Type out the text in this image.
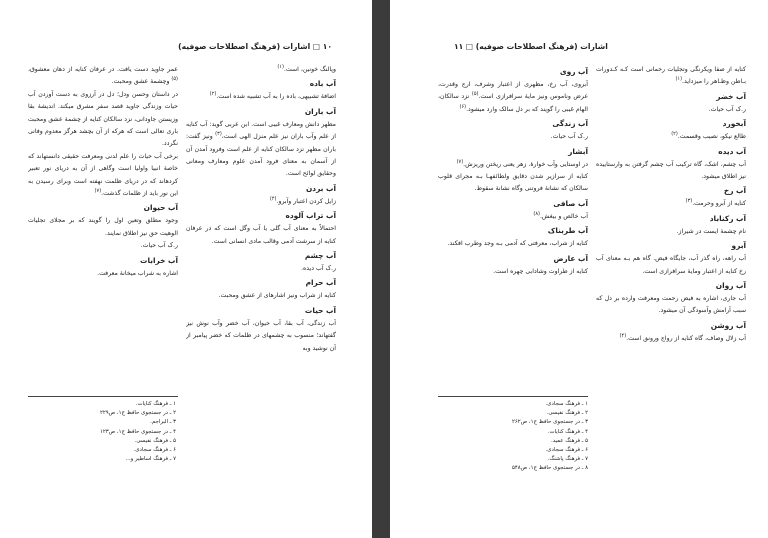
۱۰ □ اشارات (فرهنگ اصطلاحات صوفیه)

وپالنگ خونین، است.$^{(۱)}$

آب باده

اضافهٔ تشبیهی، باده را به آب تشبیه شده است.$^{(۲)}$

آب باران

مظهر دانش ومعارف غیبی است. ابن عربی گوید: آب کنایه از علم وآب باران نیز علم منزل الهی است،$^{(۳)}$ ونیز گفت: باران مظهر نزد سالکان کنایه از علم است وفرود آمدن آن از آسمان به معنای فرود آمدن علوم ومعارف ومعانی وحقایق لوائح است.

آب بردن

زایل کردن اعتبار وآبرو.$^{(۴)}$

آب تراب آلوده

احتمالاً به معنای آب گلی یا آب وگل است که در عرفان کنایه از سرشت آدمی وقالب مادی انسانی است.

آب چشم

ر.ک آب دیده.

آب حرام

کنایه از شراب ونیز اشارهای از عشق ومحبت.

آب حیات

آب زندگی، آب بقا، آب حیوان، آب خضر وآب نوش نیز گفتهاند؛ منسوب به چشمهای در ظلمات که خضر پیامبر از آن نوشید وبه

عمر جاوید دست یافت. در عرفان کنایه از دهان معشوق،$^{(۵)}$ وچشمهٔ عشق ومحبت.

در داستان وحسن ودل؛ دل در آرزوی به دست آوردن آب حیات وزندگی جاوید قصد سفر مشرق میکند. اندیشهٔ بقا وزیستن جاودانی، نزد سالکان کنایه از چشمهٔ عشق ومحبت باری تعالی است که هرکه از آن بچشد هرگز معدوم وفانی نگردد.

برخی آب حیات را علم لدنی ومعرفت حقیقی دانستهاند که خاصهٔ انبیا واولیا است وگاهی از آن به دریای نور تعبیر کردهاند که در دریای ظلمت نهفته است وبرای رسیدن به این نور باید از ظلمات گذشت.$^{(۷)}$

آب حیوان

وجود مطلق وتعین اول را گویند که بر مجلای تجلیات الوهیت حق نیز اطلاق نمایند.

ر.ک آب حیات.

آب خرابات

اشاره به شراب میخانهٔ معرفت.

۱ ـ فرهنگ کنایات.
۲ ـ در جستجوی حافظ ج۱، ص۲۲۹
۳ ـ البراجم.
۴ ـ در جستجوی حافظ ج۱، ص۱۲۳
۵ ـ فرهنگ نفیسی.
۶ ـ فرهنگ سجادی.
۷ ـ فرهنگ اساطیر و...
اشارات (فرهنگ اصطلاحات صوفیه) □ ۱۱

کنایه از صفا ویکرنگی وتجلیات رحمانی است کـه کـدورات بـاطن وظـاهر را میزداید.$^{(۱)}$

آب خضر

ر.ک آب حیات.

آبخورد

طالع نیکو، نصیب وقسمت.$^{(۲)}$

آب دیده

آب چشم، اشک، گاه ترکیب آب چشم گرفتن به وارستاییده نیز اطلاق میشود.

آب رخ

کنایه از آبرو وحرمت.$^{(۳)}$

آب رکناباد

نام چشمهٔ ایست در شیراز.

آبرو

آب راهه، راه گذر آب، جایگاه فیض. گاه هم بـه معنای آب رخ کنایه از اعتبار ومایهٔ سرافرازی است.

آب روان

آب جاری، اشاره به فیض رحمت ومعرفت وارده بر دل که سبب آرامش وآسودگی آن میشود.

آب روشن

آب زلال وصاف، گاه کنایه از رواج ورونق است.$^{(۴)}$

آب روی

آبروی، آب رخ، مظهری از اعتبار وشرف، ارج وقدرت، عرض وناموس ونیز مایهٔ سرافرازی است.$^{(۵)}$ نزد سالکان، الهام غیبی را گویند که بر دل سالک وارد میشود.$^{(۶)}$

آب زندگی

ر.ک آب حیات.

آبشار

در اوستایی وآب خوارهٔ. زهر یعنی ریختن وریزش.$^{(۷)}$

کنایه از سرازیر شدن دقایق ولطائفهـا بـه مجرای قلوب سالکان که نشانهٔ فروتنی وگاه نشانهٔ سقوط.

آب صافی

آب خالص و بیغش.$^{(۸)}$

آب طربناک

کنایه از شراب، معرفتی که آدمی بـه وجد وطرب افکند.

آب عارض

کنایه از طراوت وشادابی چهره است.

۱ ـ فرهنگ سجادی.
۲ ـ فرهنگ نفیسی.
۳ ـ در جستجوی حافظ ج۱، ص۲۶۲
۴ ـ فرهنگ کنایات.
۵ ـ فرهنگ عمید.
۶ ـ فرهنگ سجادی.
۷ ـ فرهنگ پاشنگ.
۸ ـ در جستجوی حافظ ج۱، ص۵۴۸
